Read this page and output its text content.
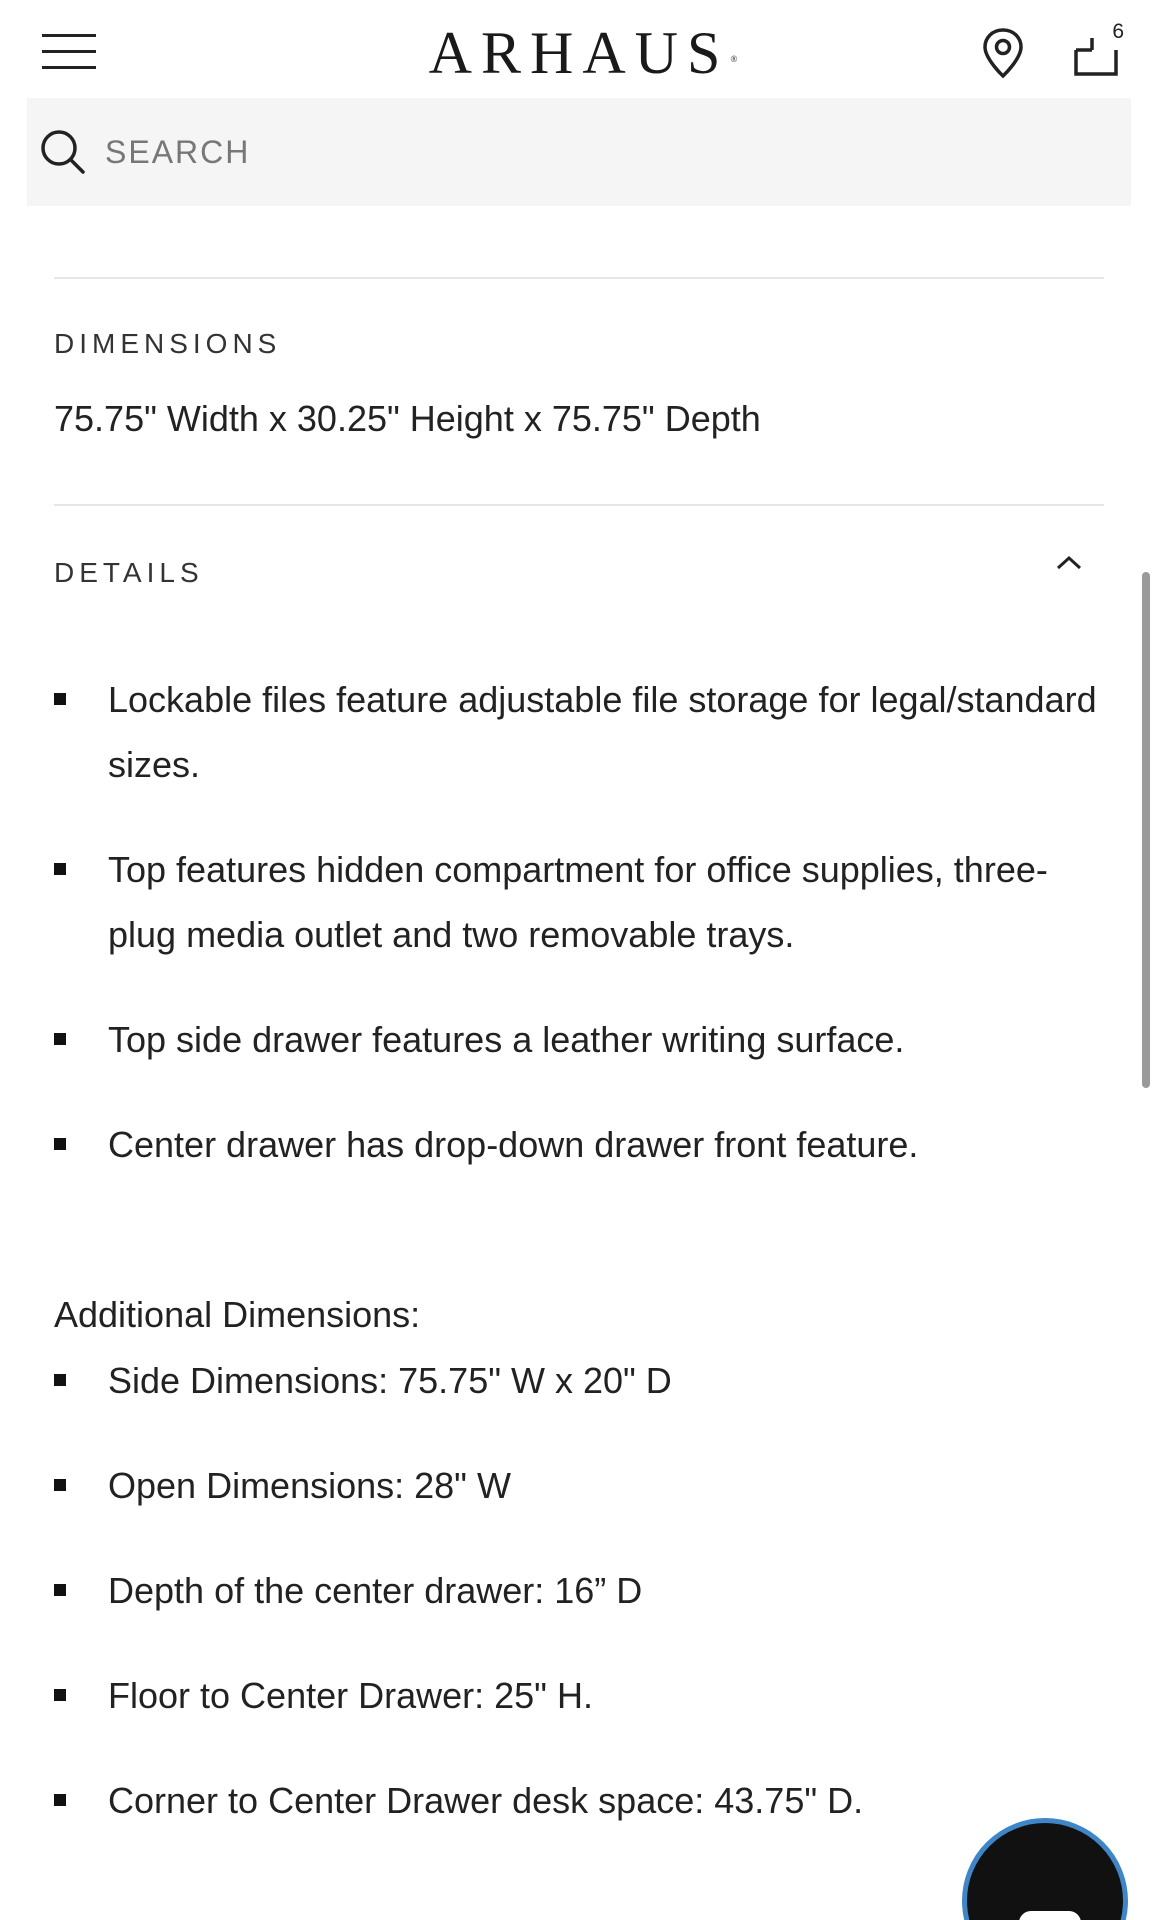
ARHAUS ®
6
SEARCH
DIMENSIONS
75.75" Width x 30.25" Height x 75.75" Depth
DETAILS
Lockable files feature adjustable file storage for legal/standard sizes.
Top features hidden compartment for office supplies, three-plug media outlet and two removable trays.
Top side drawer features a leather writing surface.
Center drawer has drop-down drawer front feature.
Additional Dimensions:
Side Dimensions: 75.75" W x 20" D
Open Dimensions: 28" W
Depth of the center drawer: 16” D
Floor to Center Drawer: 25" H.
Corner to Center Drawer desk space: 43.75" D.
